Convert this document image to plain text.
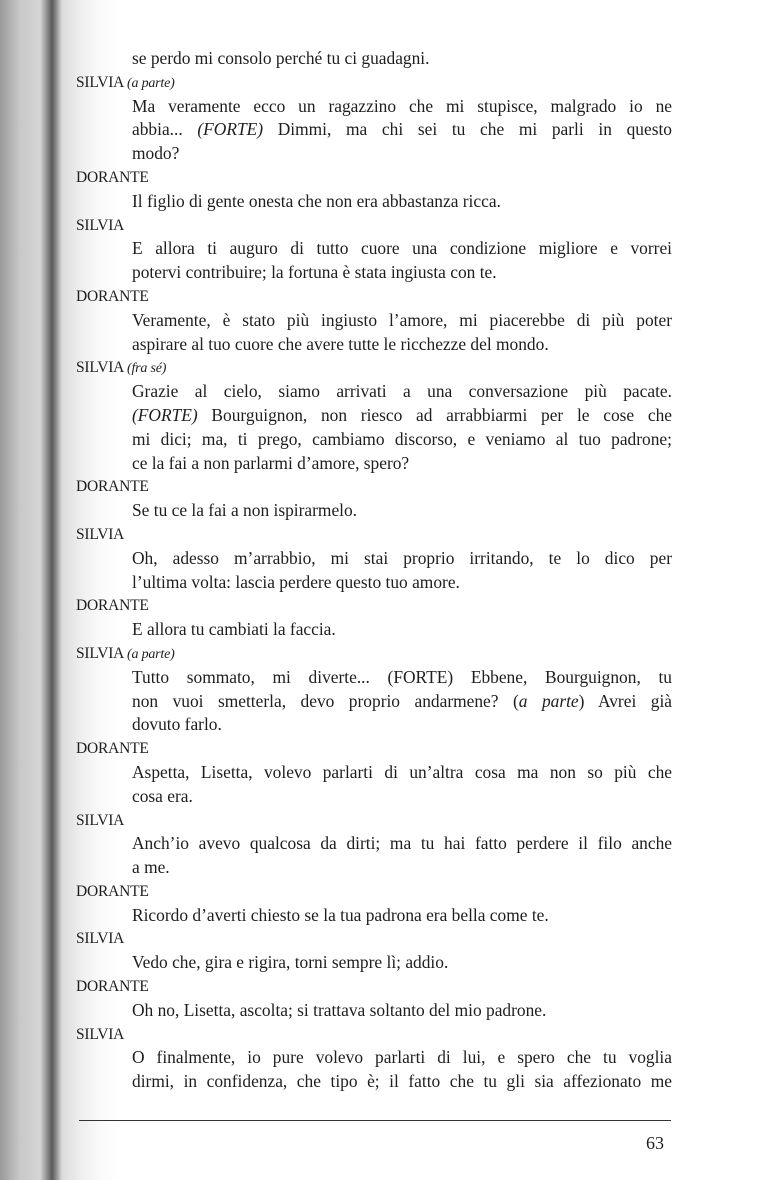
se perdo mi consolo perché tu ci guadagni.
SILVIA (a parte)
Ma veramente ecco un ragazzino che mi stupisce, malgrado io ne
abbia... (FORTE) Dimmi, ma chi sei tu che mi parli in questo
modo?
DORANTE
Il figlio di gente onesta che non era abbastanza ricca.
SILVIA
E allora ti auguro di tutto cuore una condizione migliore e vorrei
potervi contribuire; la fortuna è stata ingiusta con te.
DORANTE
Veramente, è stato più ingiusto l’amore, mi piacerebbe di più poter
aspirare al tuo cuore che avere tutte le ricchezze del mondo.
SILVIA (fra sé)
Grazie al cielo, siamo arrivati a una conversazione più pacate.
(FORTE) Bourguignon, non riesco ad arrabbiarmi per le cose che
mi dici; ma, ti prego, cambiamo discorso, e veniamo al tuo padrone;
ce la fai a non parlarmi d’amore, spero?
DORANTE
Se tu ce la fai a non ispirarmelo.
SILVIA
Oh, adesso m’arrabbio, mi stai proprio irritando, te lo dico per
l’ultima volta: lascia perdere questo tuo amore.
DORANTE
E allora tu cambiati la faccia.
SILVIA (a parte)
Tutto sommato, mi diverte... (FORTE) Ebbene, Bourguignon, tu
non vuoi smetterla, devo proprio andarmene? (a parte) Avrei già
dovuto farlo.
DORANTE
Aspetta, Lisetta, volevo parlarti di un’altra cosa ma non so più che
cosa era.
SILVIA
Anch’io avevo qualcosa da dirti; ma tu hai fatto perdere il filo anche
a me.
DORANTE
Ricordo d’averti chiesto se la tua padrona era bella come te.
SILVIA
Vedo che, gira e rigira, torni sempre lì; addio.
DORANTE
Oh no, Lisetta, ascolta; si trattava soltanto del mio padrone.
SILVIA
O finalmente, io pure volevo parlarti di lui, e spero che tu voglia
dirmi, in confidenza, che tipo è; il fatto che tu gli sia affezionato me
63
